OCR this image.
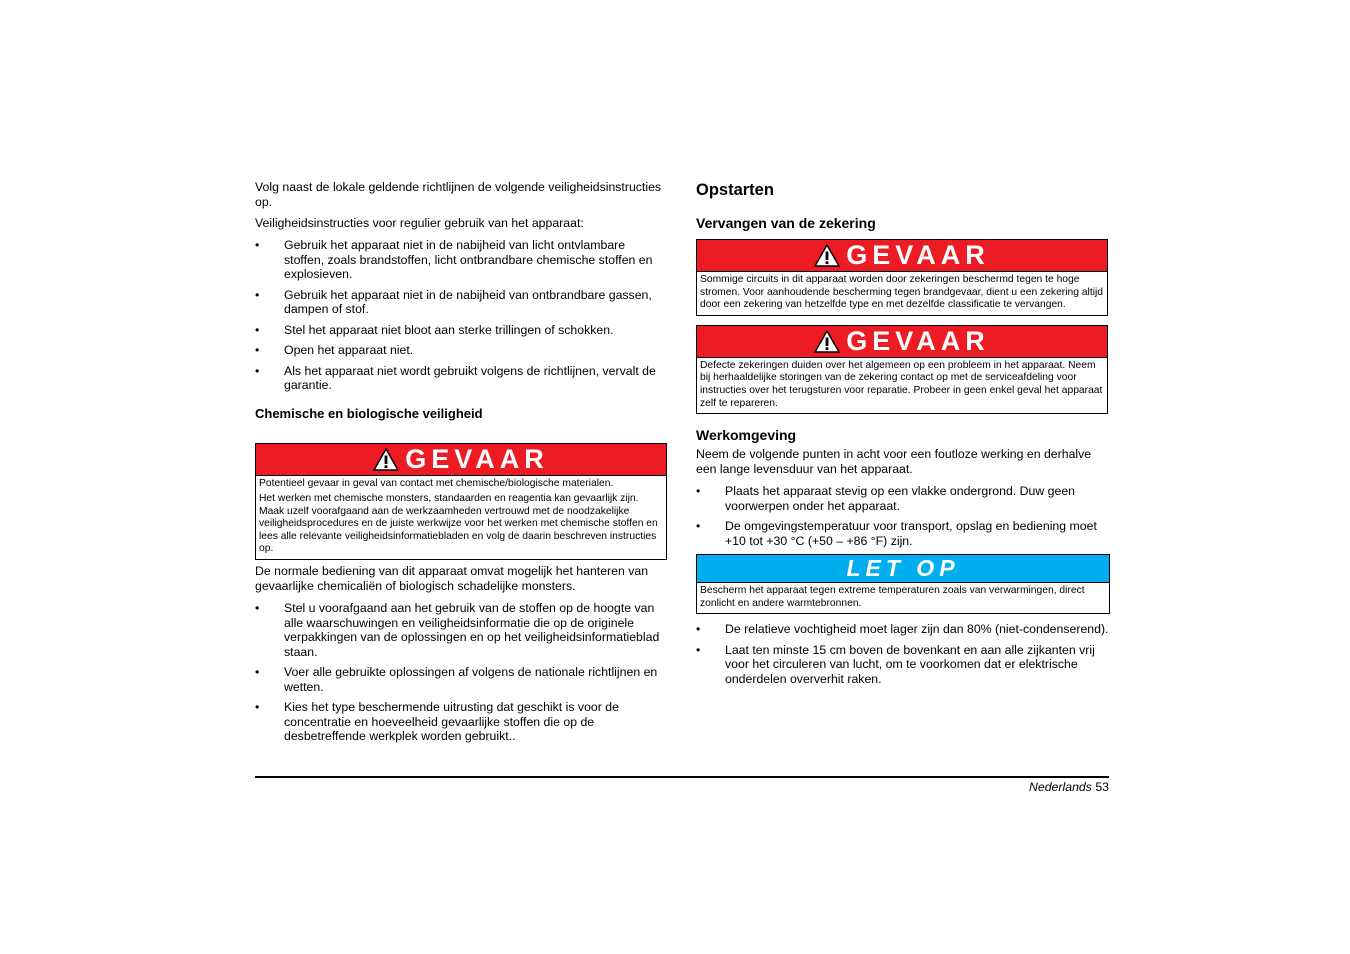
Volg naast de lokale geldende richtlijnen de volgende veiligheidsinstructies op.

Veiligheidsinstructies voor regulier gebruik van het apparaat:

• Gebruik het apparaat niet in de nabijheid van licht ontvlambare stoffen, zoals brandstoffen, licht ontbrandbare chemische stoffen en explosieven.
• Gebruik het apparaat niet in de nabijheid van ontbrandbare gassen, dampen of stof.
• Stel het apparaat niet bloot aan sterke trillingen of schokken.
• Open het apparaat niet.
• Als het apparaat niet wordt gebruikt volgens de richtlijnen, vervalt de garantie.
Chemische en biologische veiligheid
GEVAAR

Potentieel gevaar in geval van contact met chemische/biologische materialen.

Het werken met chemische monsters, standaarden en reagentia kan gevaarlijk zijn.

Maak uzelf voorafgaand aan de werkzaamheden vertrouwd met de noodzakelijke veiligheidsprocedures en de juiste werkwijze voor het werken met chemische stoffen en lees alle relevante veiligheidsinformatiebladen en volg de daarin beschreven instructies op.

De normale bediening van dit apparaat omvat mogelijk het hanteren van gevaarlijke chemicaliën of biologisch schadelijke monsters.

• Stel u voorafgaand aan het gebruik van de stoffen op de hoogte van alle waarschuwingen en veiligheidsinformatie die op de originele verpakkingen van de oplossingen en op het veiligheidsinformatieblad staan.
• Voer alle gebruikte oplossingen af volgens de nationale richtlijnen en wetten.
• Kies het type beschermende uitrusting dat geschikt is voor de concentratie en hoeveelheid gevaarlijke stoffen die op de desbetreffende werkplek worden gebruikt..
Opstarten
Vervangen van de zekering
GEVAAR

Sommige circuits in dit apparaat worden door zekeringen beschermd tegen te hoge stromen. Voor aanhoudende bescherming tegen brandgevaar, dient u een zekering altijd door een zekering van hetzelfde type en met dezelfde classificatie te vervangen.

GEVAAR

Defecte zekeringen duiden over het algemeen op een probleem in het apparaat. Neem bij herhaaldelijke storingen van de zekering contact op met de serviceafdeling voor instructies over het terugsturen voor reparatie. Probeer in geen enkel geval het apparaat zelf te repareren.

Werkomgeving

Neem de volgende punten in acht voor een foutloze werking en derhalve een lange levensduur van het apparaat.

• Plaats het apparaat stevig op een vlakke ondergrond. Duw geen voorwerpen onder het apparaat.
• De omgevingstemperatuur voor transport, opslag en bediening moet +10 tot +30 °C (+50 – +86 °F) zijn.
LET OP

Bescherm het apparaat tegen extreme temperaturen zoals van verwarmingen, direct zonlicht en andere warmtebronnen.

• De relatieve vochtigheid moet lager zijn dan 80% (niet-condenserend).
• Laat ten minste 15 cm boven de bovenkant en aan alle zijkanten vrij voor het circuleren van lucht, om te voorkomen dat er elektrische onderdelen oververhit raken.
Nederlands 53
